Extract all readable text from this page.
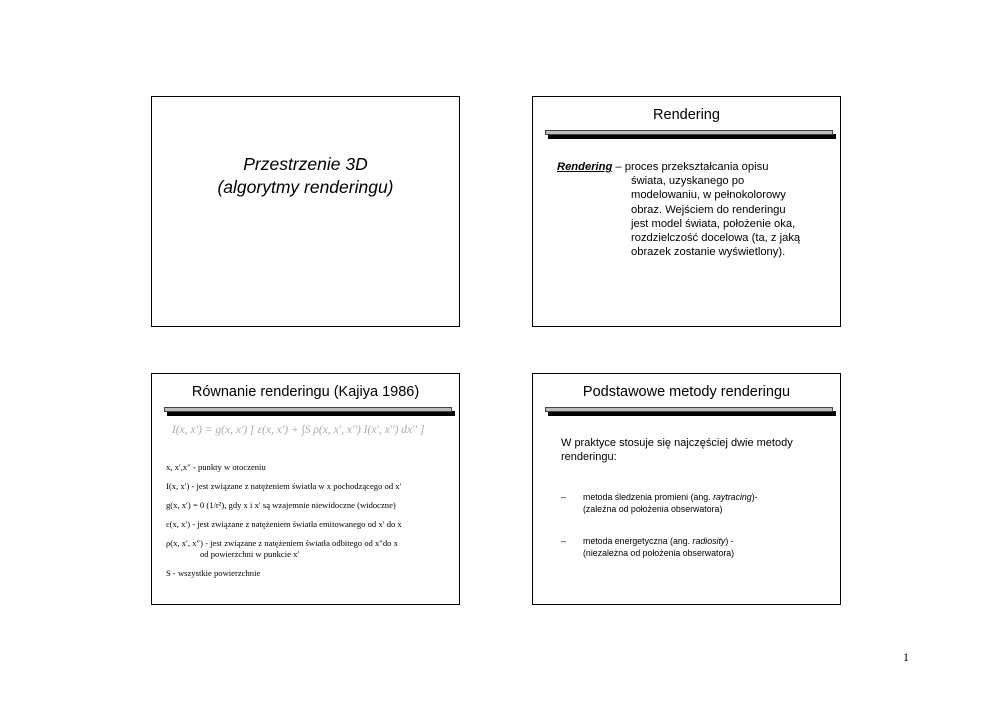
Przestrzenie 3D
(algorytmy renderingu)
Rendering
Rendering – proces przekształcania opisu
świata, uzyskanego po
modelowaniu, w pełnokolorowy
obraz. Wejściem do renderingu
jest model świata, położenie oka,
rozdzielczość docelowa (ta, z jaką
obrazek zostanie wyświetlony).
Równanie renderingu (Kajiya 1986)
I(x, x') = g(x, x') [ ε(x, x') + ∫S ρ(x, x', x'') I(x', x'') dx'' ]
x, x′,x″ - punkty w otoczeniu
I(x, x′) - jest związane z natężeniem światła w x pochodzącego od x′
g(x, x′) = 0 (1/r²), gdy x i x′ są wzajemnie niewidoczne (widoczne)
ε(x, x′) - jest związane z natężeniem światła emitowanego od x′ do x
ρ(x, x′, x″) - jest związane z natężeniem światła odbitego od x″do x
od powierzchni w punkcie x′
S - wszystkie powierzchnie
Podstawowe metody renderingu
W praktyce stosuje się najczęściej dwie metody renderingu:
–	metoda śledzenia promieni (ang. raytracing)-
(zależna od położenia obserwatora)
–	metoda energetyczna (ang. radiosity) -
(niezależna od położenia obserwatora)
1
